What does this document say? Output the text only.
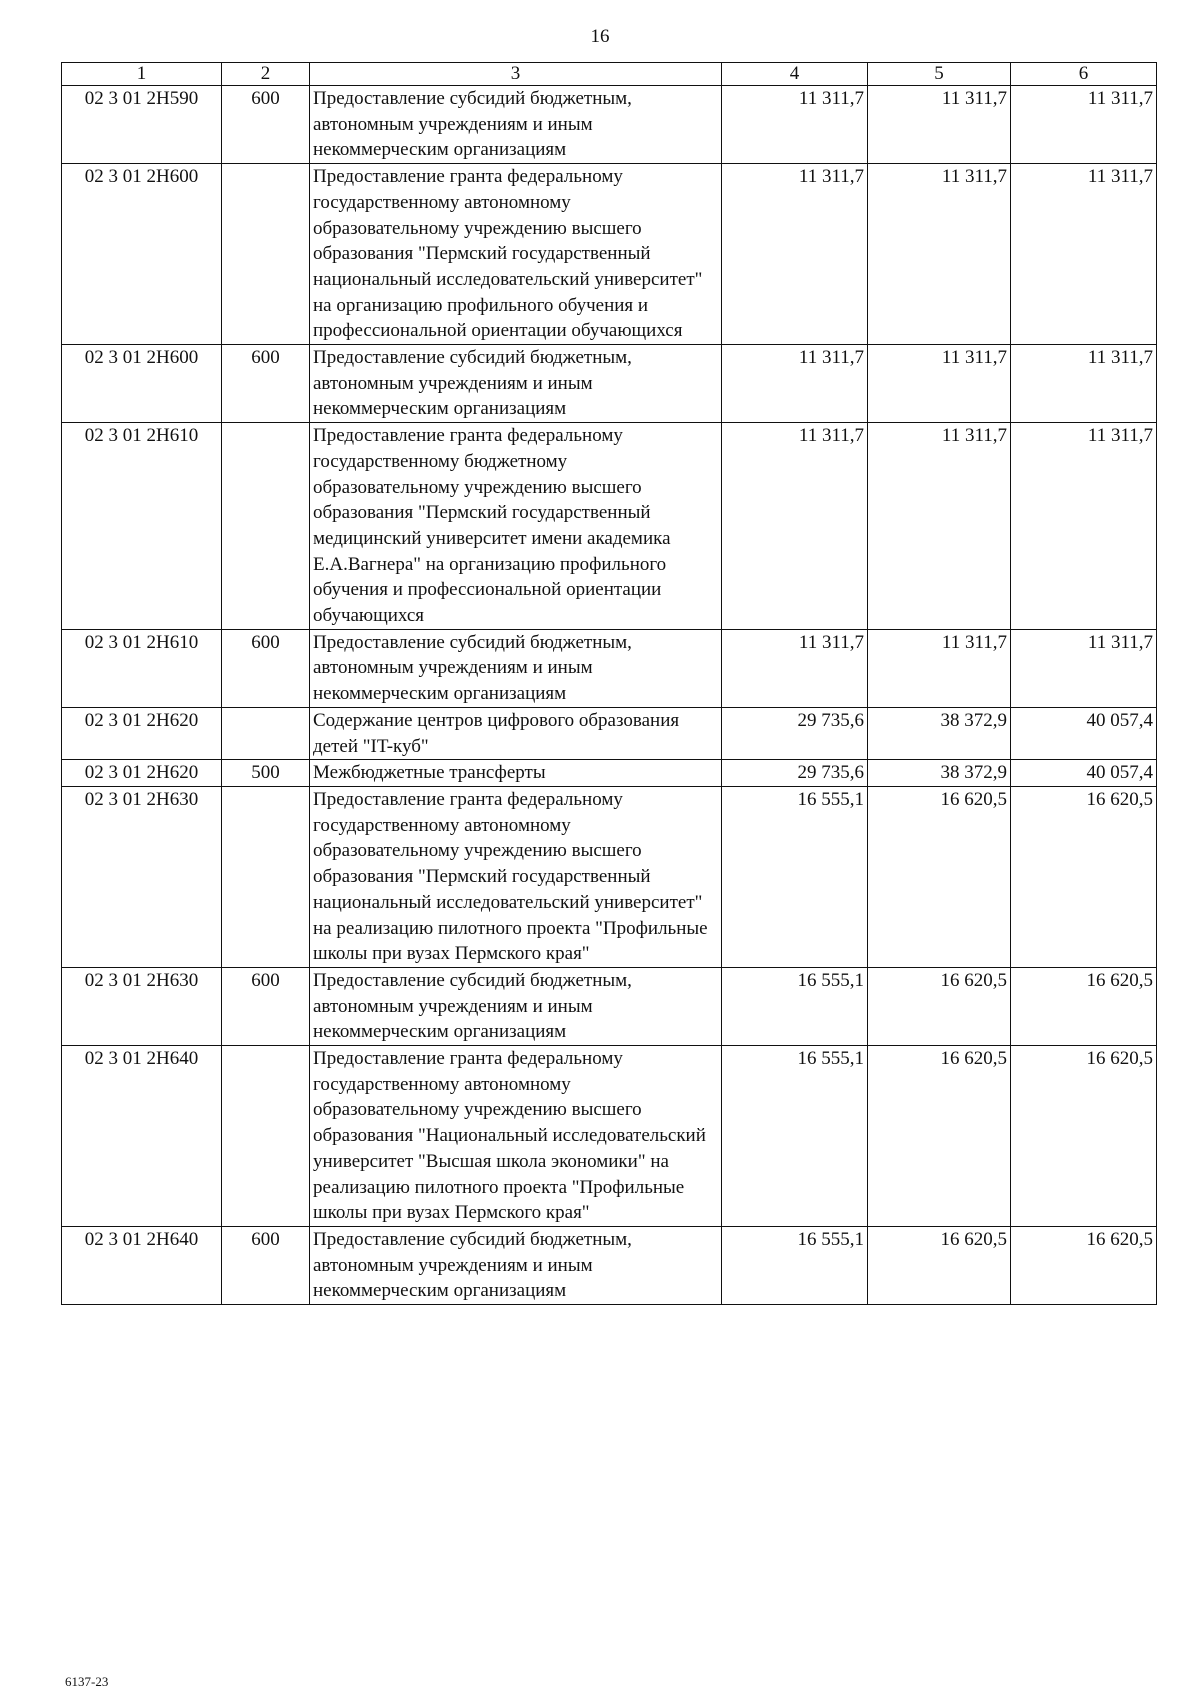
16
1	2	3	4	5	6
02 3 01 2Н590	600	Предоставление субсидий бюджетным, автономным учреждениям и иным некоммерческим организациям	11 311,7	11 311,7	11 311,7
02 3 01 2Н600		Предоставление гранта федеральному государственному автономному образовательному учреждению высшего образования "Пермский государственный национальный исследовательский университет" на организацию профильного обучения и профессиональной ориентации обучающихся	11 311,7	11 311,7	11 311,7
02 3 01 2Н600	600	Предоставление субсидий бюджетным, автономным учреждениям и иным некоммерческим организациям	11 311,7	11 311,7	11 311,7
02 3 01 2Н610		Предоставление гранта федеральному государственному бюджетному образовательному учреждению высшего образования "Пермский государственный медицинский университет имени академика Е.А.Вагнера" на организацию профильного обучения и профессиональной ориентации обучающихся	11 311,7	11 311,7	11 311,7
02 3 01 2Н610	600	Предоставление субсидий бюджетным, автономным учреждениям и иным некоммерческим организациям	11 311,7	11 311,7	11 311,7
02 3 01 2Н620		Содержание центров цифрового образования детей "IT-куб"	29 735,6	38 372,9	40 057,4
02 3 01 2Н620	500	Межбюджетные трансферты	29 735,6	38 372,9	40 057,4
02 3 01 2Н630		Предоставление гранта федеральному государственному автономному образовательному учреждению высшего образования "Пермский государственный национальный исследовательский университет" на реализацию пилотного проекта "Профильные школы при вузах Пермского края"	16 555,1	16 620,5	16 620,5
02 3 01 2Н630	600	Предоставление субсидий бюджетным, автономным учреждениям и иным некоммерческим организациям	16 555,1	16 620,5	16 620,5
02 3 01 2Н640		Предоставление гранта федеральному государственному автономному образовательному учреждению высшего образования "Национальный исследовательский университет "Высшая школа экономики" на реализацию пилотного проекта "Профильные школы при вузах Пермского края"	16 555,1	16 620,5	16 620,5
02 3 01 2Н640	600	Предоставление субсидий бюджетным, автономным учреждениям и иным некоммерческим организациям	16 555,1	16 620,5	16 620,5
6137-23
